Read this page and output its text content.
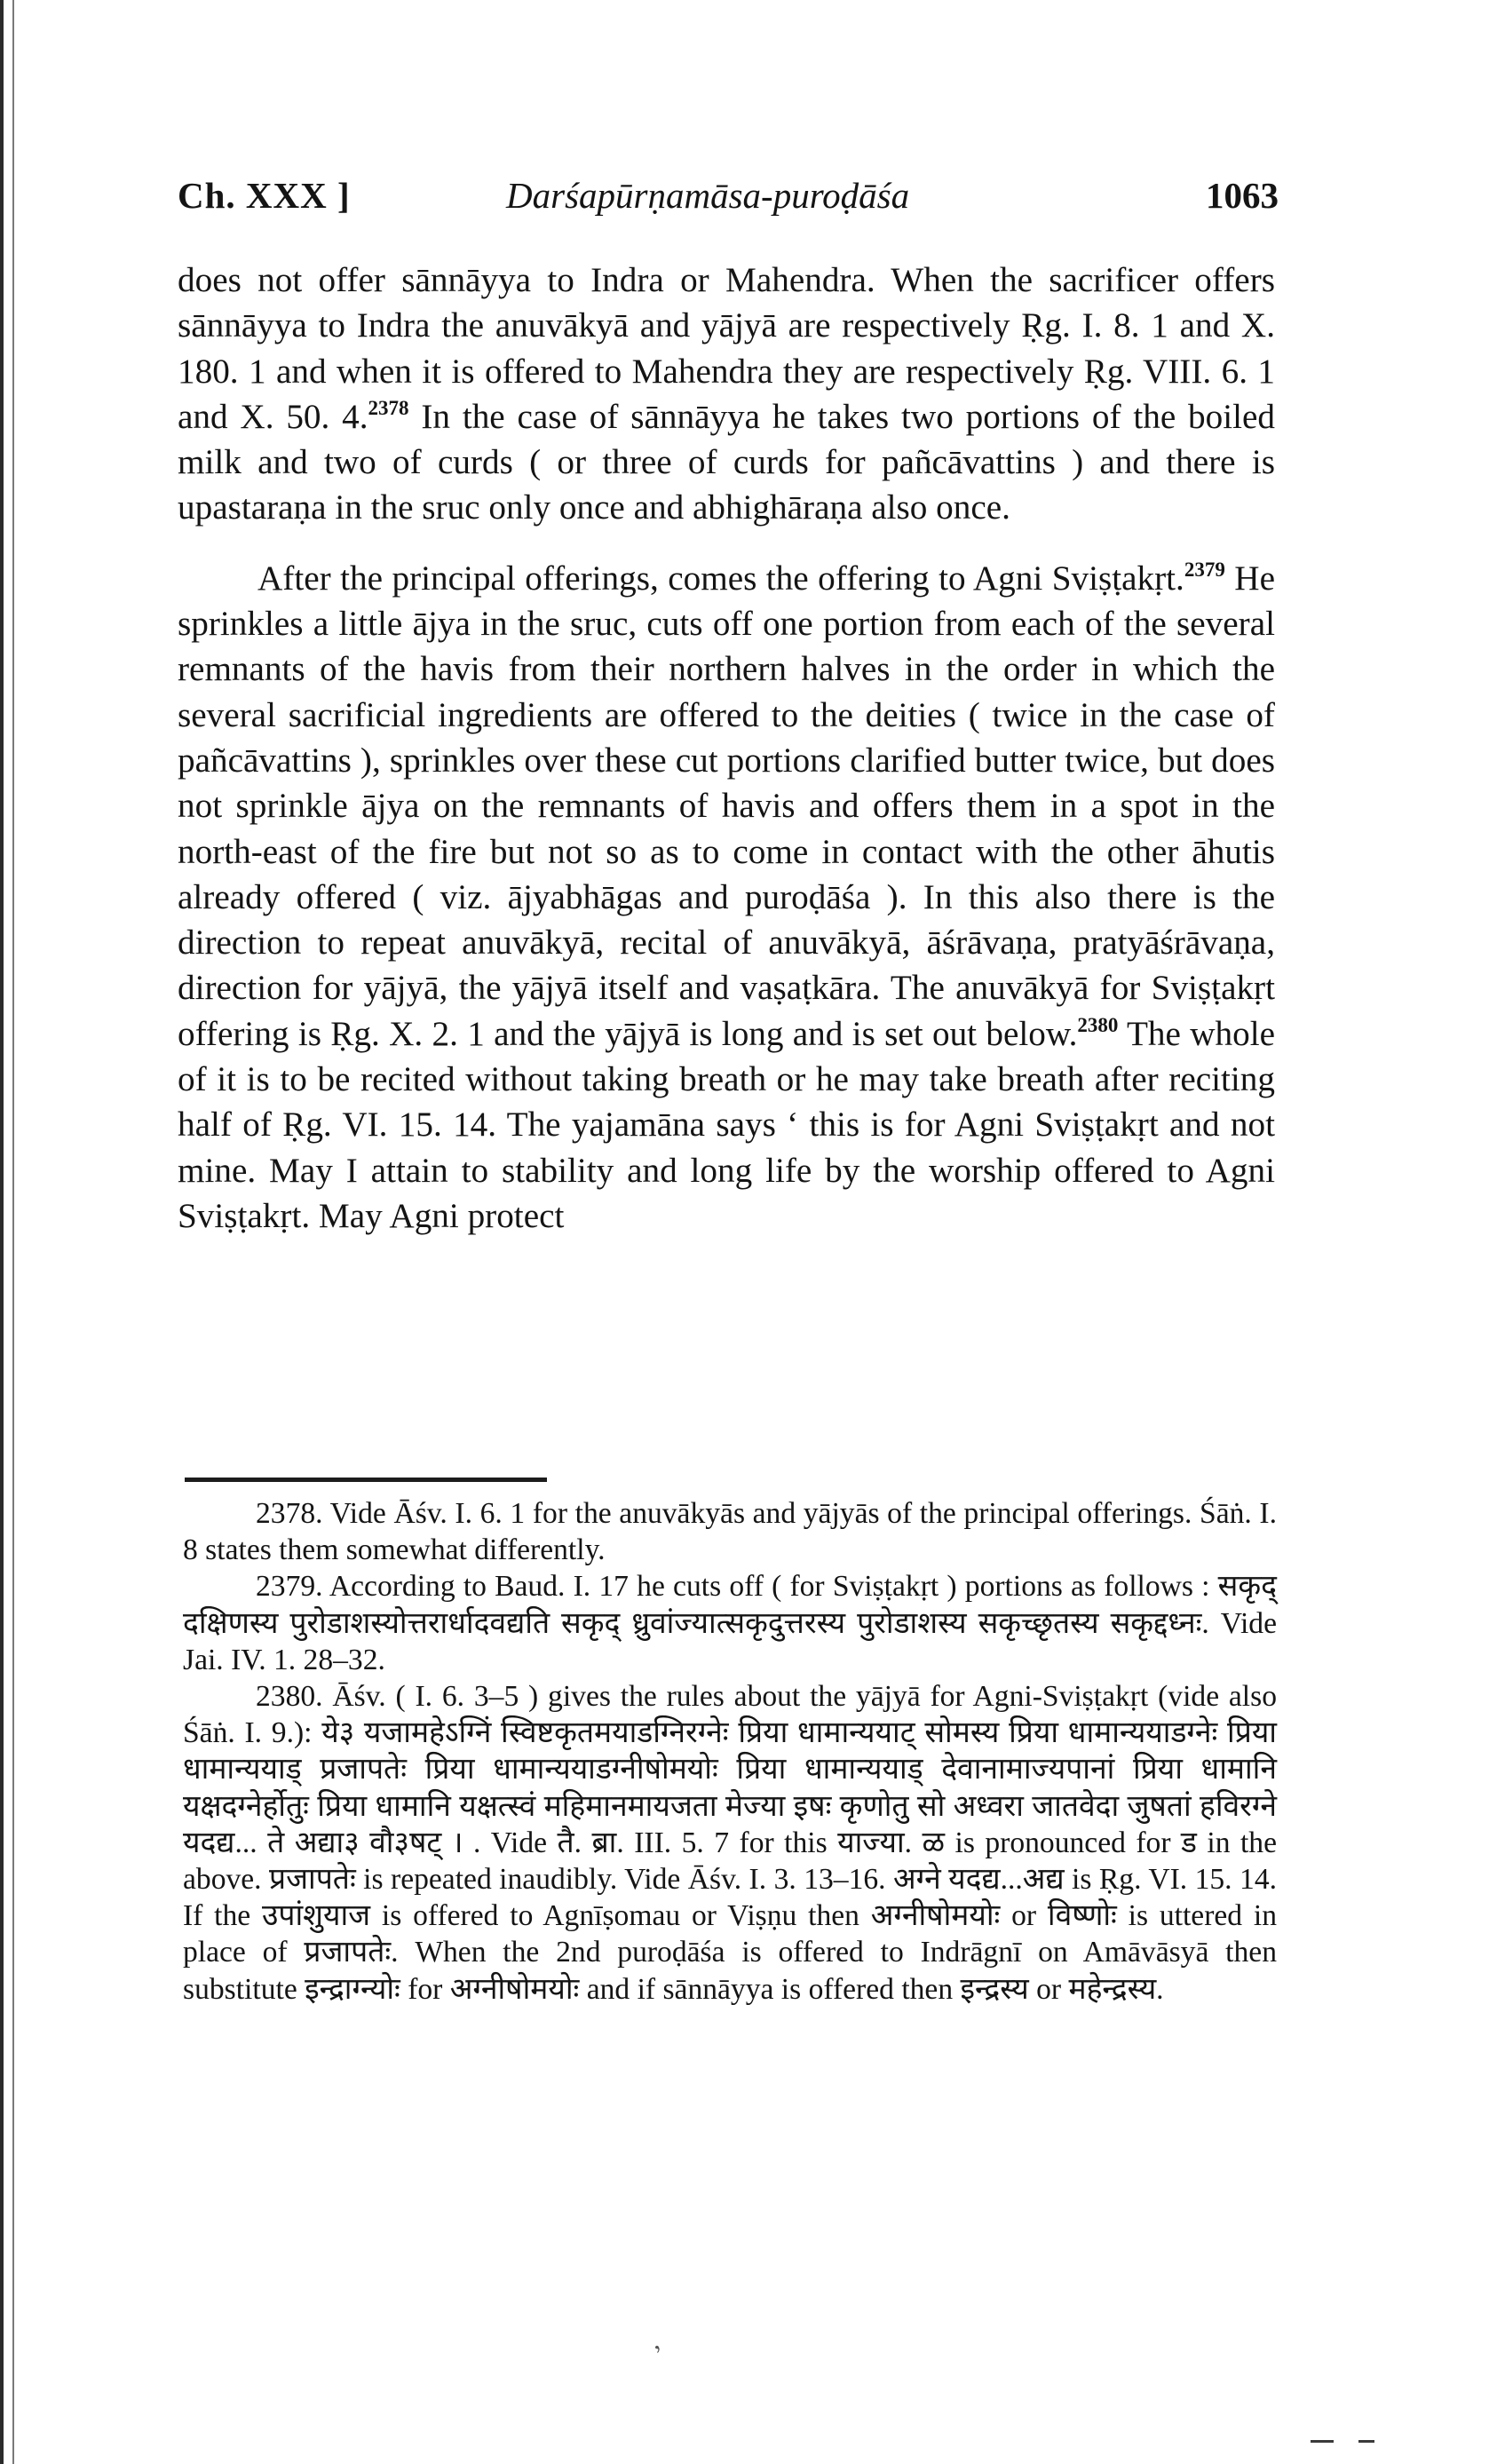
Ch. XXX ]	Darśapūrṇamāsa-puroḍāśa	1063

does not offer sānnāyya to Indra or Mahendra. When the sacrificer offers sānnāyya to Indra the anuvākyā and yājyā are respectively Ṛg. I. 8. 1 and X. 180. 1 and when it is offered to Mahendra they are respectively Ṛg. VIII. 6. 1 and X. 50. 4.$^{2378}$ In the case of sānnāyya he takes two portions of the boiled milk and two of curds ( or three of curds for pañcāvattins ) and there is upastaraṇa in the sruc only once and abhighāraṇa also once.

After the principal offerings, comes the offering to Agni Sviṣṭakṛt.$^{2379}$ He sprinkles a little ājya in the sruc, cuts off one portion from each of the several remnants of the havis from their northern halves in the order in which the several sacrificial ingredients are offered to the deities ( twice in the case of pañcāvattins ), sprinkles over these cut portions clarified butter twice, but does not sprinkle ājya on the remnants of havis and offers them in a spot in the north-east of the fire but not so as to come in contact with the other āhutis already offered ( viz. ājyabhāgas and puroḍāśa ). In this also there is the direction to repeat anuvākyā, recital of anuvākyā, āśrāvaṇa, pratyāśrāvaṇa, direction for yājyā, the yājyā itself and vaṣaṭkāra. The anuvākyā for Sviṣṭakṛt offering is Ṛg. X. 2. 1 and the yājyā is long and is set out below.$^{2380}$ The whole of it is to be recited without taking breath or he may take breath after reciting half of Ṛg. VI. 15. 14. The yajamāna says ‘ this is for Agni Sviṣṭakṛt and not mine. May I attain to stability and long life by the worship offered to Agni Sviṣṭakṛt. May Agni protect

2378. Vide Āśv. I. 6. 1 for the anuvākyās and yājyās of the principal offerings. Śāṅ. I. 8 states them somewhat differently.

2379. According to Baud. I. 17 he cuts off ( for Sviṣṭakṛt ) portions as follows : सकृद् दक्षिणस्य पुरोडाशस्योत्तरार्धादवद्यति सकृद् ध्रुवांज्यात्सकृदुत्तरस्य पुरोडाशस्य सकृच्छृतस्य सकृद्दध्नः. Vide Jai. IV. 1. 28–32.

2380. Āśv. ( I. 6. 3–5 ) gives the rules about the yājyā for Agni-Sviṣṭakṛt (vide also Śāṅ. I. 9.): ये३ यजामहेऽग्निं स्विष्टकृतमयाडग्निरग्नेः प्रिया धामान्ययाट् सोमस्य प्रिया धामान्ययाडग्नेः प्रिया धामान्ययाड् प्रजापतेः प्रिया धामान्ययाडग्नीषोमयोः प्रिया धामान्ययाड् देवानामाज्यपानां प्रिया धामानि यक्षदग्नेर्होतुः प्रिया धामानि यक्षत्स्वं महिमानमायजता मेज्या इषः कृणोतु सो अध्वरा जातवेदा जुषतां हविरग्ने यदद्य... ते अद्या३ वौ३षट् । . Vide तै. ब्रा. III. 5. 7 for this याज्या. ळ is pronounced for ड in the above. प्रजापतेः is repeated inaudibly. Vide Āśv. I. 3. 13–16. अग्ने यदद्य...अद्य is Ṛg. VI. 15. 14. If the उपांशुयाज is offered to Agnīṣomau or Viṣṇu then अग्नीषोमयोः or विष्णोः is uttered in place of प्रजापतेः. When the 2nd puroḍāśa is offered to Indrāgnī on Amāvāsyā then substitute इन्द्राग्न्योः for अग्नीषोमयोः and if sānnāyya is offered then इन्द्रस्य or महेन्द्रस्य.

‚
